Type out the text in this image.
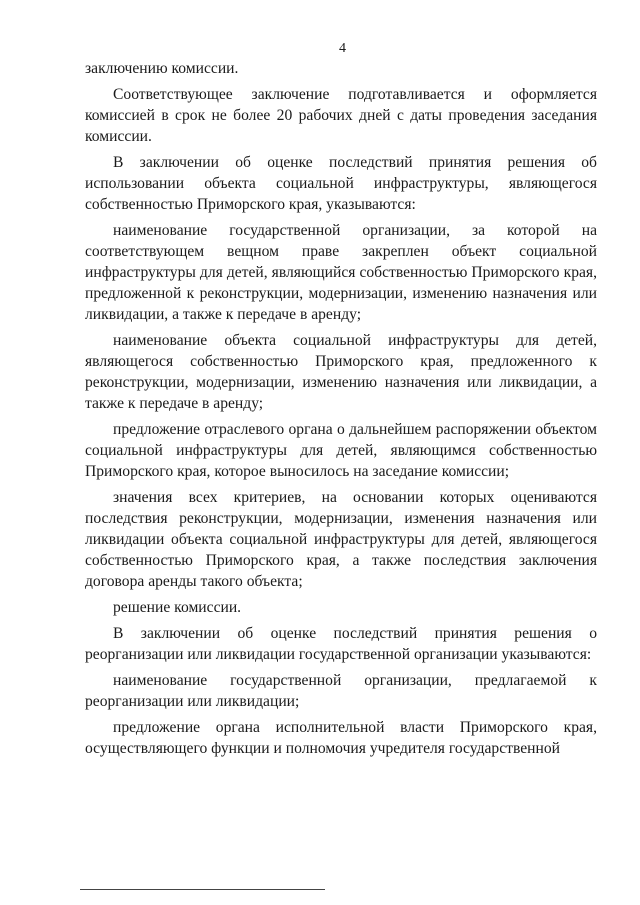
4

заключению комиссии.

Соответствующее заключение подготавливается и оформляется комиссией в срок не более 20 рабочих дней с даты проведения заседания комиссии.

В заключении об оценке последствий принятия решения об использовании объекта социальной инфраструктуры, являющегося собственностью Приморского края, указываются:

наименование государственной организации, за которой на соответствующем вещном праве закреплен объект социальной инфраструктуры для детей, являющийся собственностью Приморского края, предложенной к реконструкции, модернизации, изменению назначения или ликвидации, а также к передаче в аренду;

наименование объекта социальной инфраструктуры для детей, являющегося собственностью Приморского края, предложенного к реконструкции, модернизации, изменению назначения или ликвидации, а также к передаче в аренду;

предложение отраслевого органа о дальнейшем распоряжении объектом социальной инфраструктуры для детей, являющимся собственностью Приморского края, которое выносилось на заседание комиссии;

значения всех критериев, на основании которых оцениваются последствия реконструкции, модернизации, изменения назначения или ликвидации объекта социальной инфраструктуры для детей, являющегося собственностью Приморского края, а также последствия заключения договора аренды такого объекта;

решение комиссии.

В заключении об оценке последствий принятия решения о реорганизации или ликвидации государственной организации указываются:

наименование государственной организации, предлагаемой к реорганизации или ликвидации;

предложение органа исполнительной власти Приморского края, осуществляющего функции и полномочия учредителя государственной
